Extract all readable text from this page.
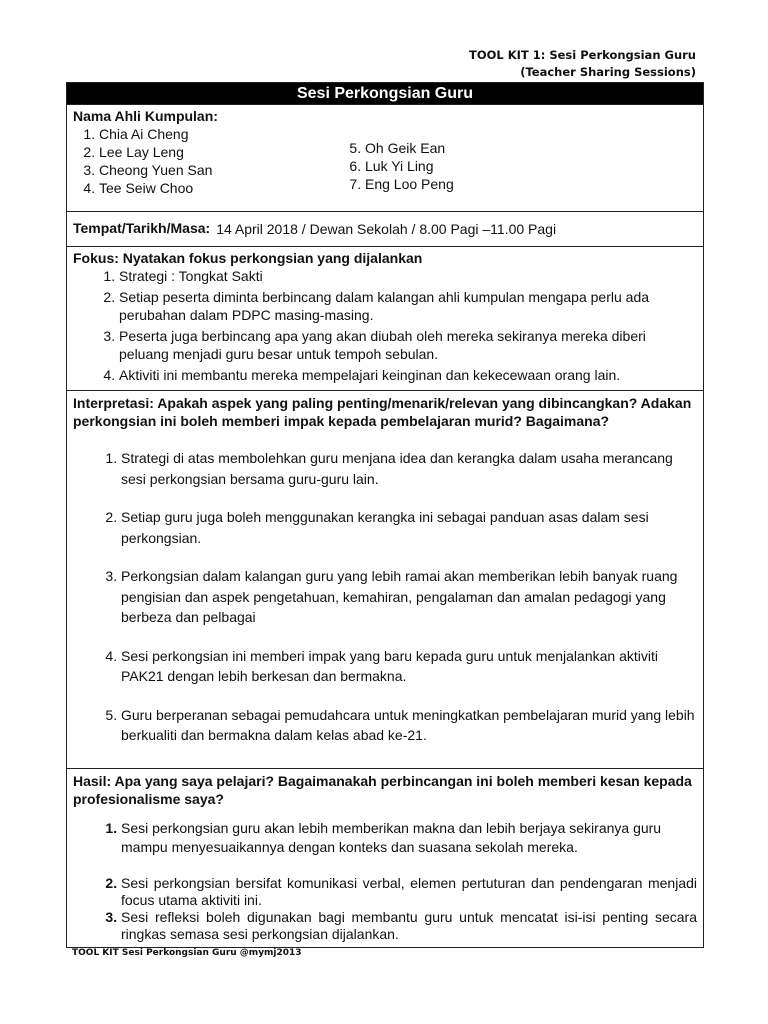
TOOL KIT 1: Sesi Perkongsian Guru
(Teacher Sharing Sessions)
Sesi Perkongsian Guru
Nama Ahli Kumpulan:
1. Chia Ai Cheng
2. Lee Lay Leng
3. Cheong Yuen San
4. Tee Seiw Choo
5. Oh Geik Ean
6. Luk Yi Ling
7. Eng Loo Peng
Tempat/Tarikh/Masa: 14 April 2018 / Dewan Sekolah / 8.00 Pagi –11.00 Pagi
Fokus: Nyatakan fokus perkongsian yang dijalankan
1. Strategi : Tongkat Sakti
2. Setiap peserta diminta berbincang dalam kalangan ahli kumpulan mengapa perlu ada perubahan dalam PDPC masing-masing.
3. Peserta juga berbincang apa yang akan diubah oleh mereka sekiranya mereka diberi peluang menjadi guru besar untuk tempoh sebulan.
4. Aktiviti ini membantu mereka mempelajari keinginan dan kekecewaan orang lain.
Interpretasi: Apakah aspek yang paling penting/menarik/relevan yang dibincangkan? Adakan perkongsian ini boleh memberi impak kepada pembelajaran murid? Bagaimana?
1. Strategi di atas membolehkan guru menjana idea dan kerangka dalam usaha merancang sesi perkongsian bersama guru-guru lain.
2. Setiap guru juga boleh menggunakan kerangka ini sebagai panduan asas dalam sesi perkongsian.
3. Perkongsian dalam kalangan guru yang lebih ramai akan memberikan lebih banyak ruang pengisian dan aspek pengetahuan, kemahiran, pengalaman dan amalan pedagogi yang berbeza dan pelbagai
4. Sesi perkongsian ini memberi impak yang baru kepada guru untuk menjalankan aktiviti PAK21 dengan lebih berkesan dan bermakna.
5. Guru berperanan sebagai pemudahcara untuk meningkatkan pembelajaran murid yang lebih berkualiti dan bermakna dalam kelas abad ke-21.
Hasil: Apa yang saya pelajari? Bagaimanakah perbincangan ini boleh memberi kesan kepada profesionalisme saya?
1. Sesi perkongsian guru akan lebih memberikan makna dan lebih berjaya sekiranya guru mampu menyesuaikannya dengan konteks dan suasana sekolah mereka.
2. Sesi perkongsian bersifat komunikasi verbal, elemen pertuturan dan pendengaran menjadi focus utama aktiviti ini.
3. Sesi refleksi boleh digunakan bagi membantu guru untuk mencatat isi-isi penting secara ringkas semasa sesi perkongsian dijalankan.
TOOL KIT Sesi Perkongsian Guru @mymj2013
